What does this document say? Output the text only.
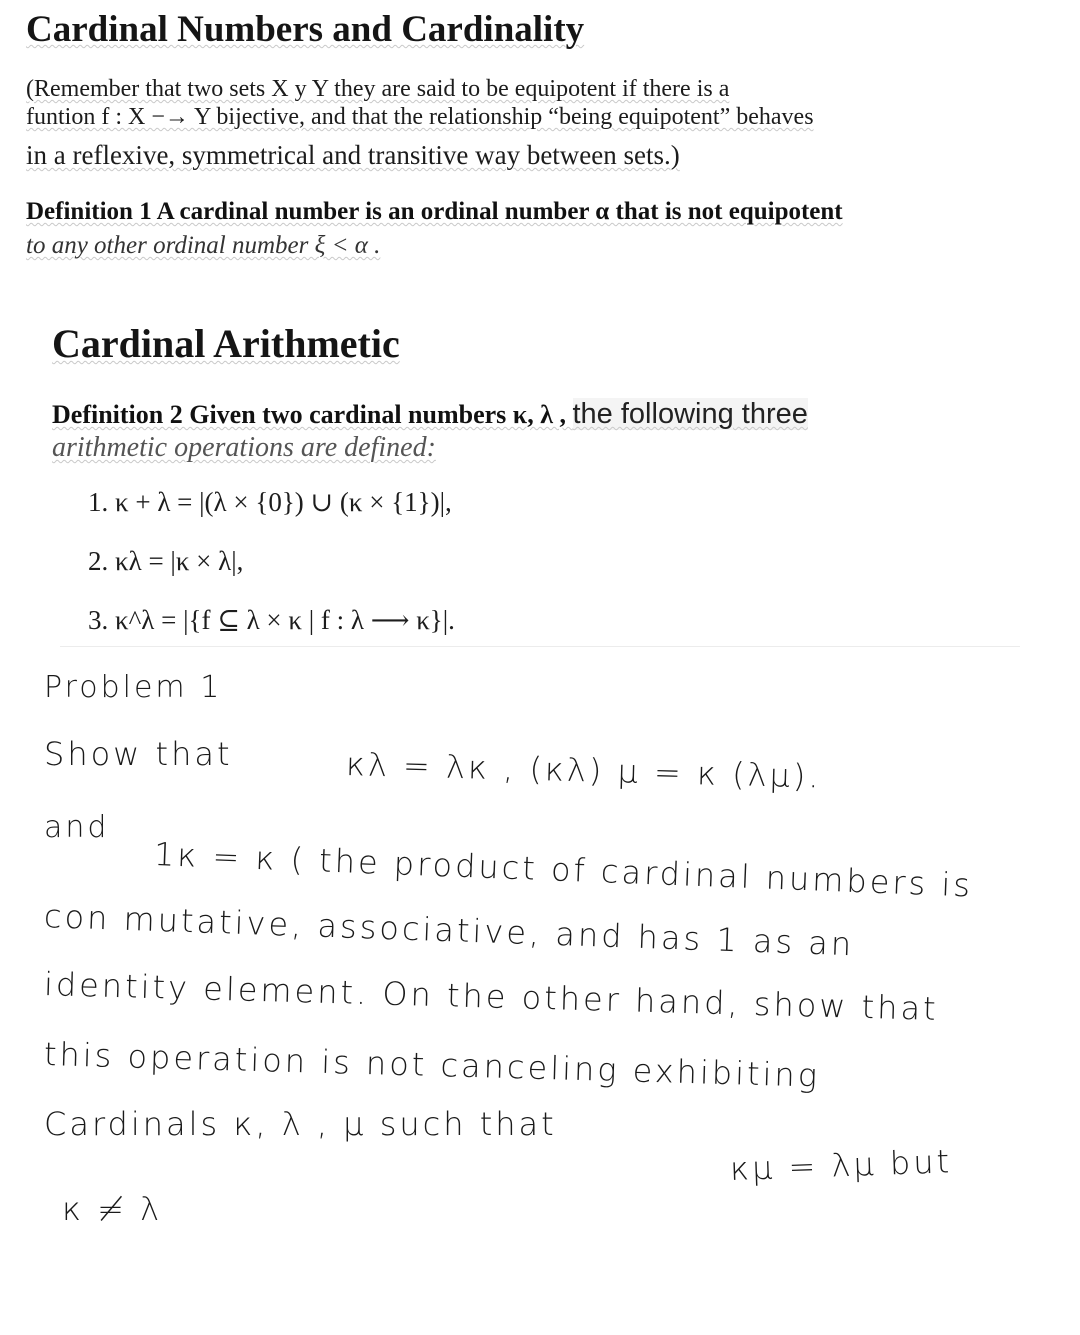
Cardinal Numbers and Cardinality
(Remember that two sets X y Y they are said to be equipotent if there is a
funtion f : X −→ Y bijective, and that the relationship “being equipotent” behaves
in a reflexive, symmetrical and transitive way between sets.)
Definition 1 A cardinal number is an ordinal number α that is not equipotent
to any other ordinal number ξ < α .
Cardinal Arithmetic
Definition 2 Given two cardinal numbers κ, λ , the following three
arithmetic operations are defined:
1. κ + λ = |(λ × {0}) ∪ (κ × {1})|,
2. κλ = |κ × λ|,
3. κ^λ = |{f ⊆ λ × κ | f : λ ⟶ κ}|.
Problem 1
Show that	κλ = λκ , (κλ) μ = κ (λμ).
and
1κ = κ ( the product of cardinal numbers is
con mutative, associative, and has 1 as an
identity element. On the other hand, show that
this operation is not canceling exhibiting
Cardinals κ, λ , μ such that
κμ = λμ but
κ ≠ λ
